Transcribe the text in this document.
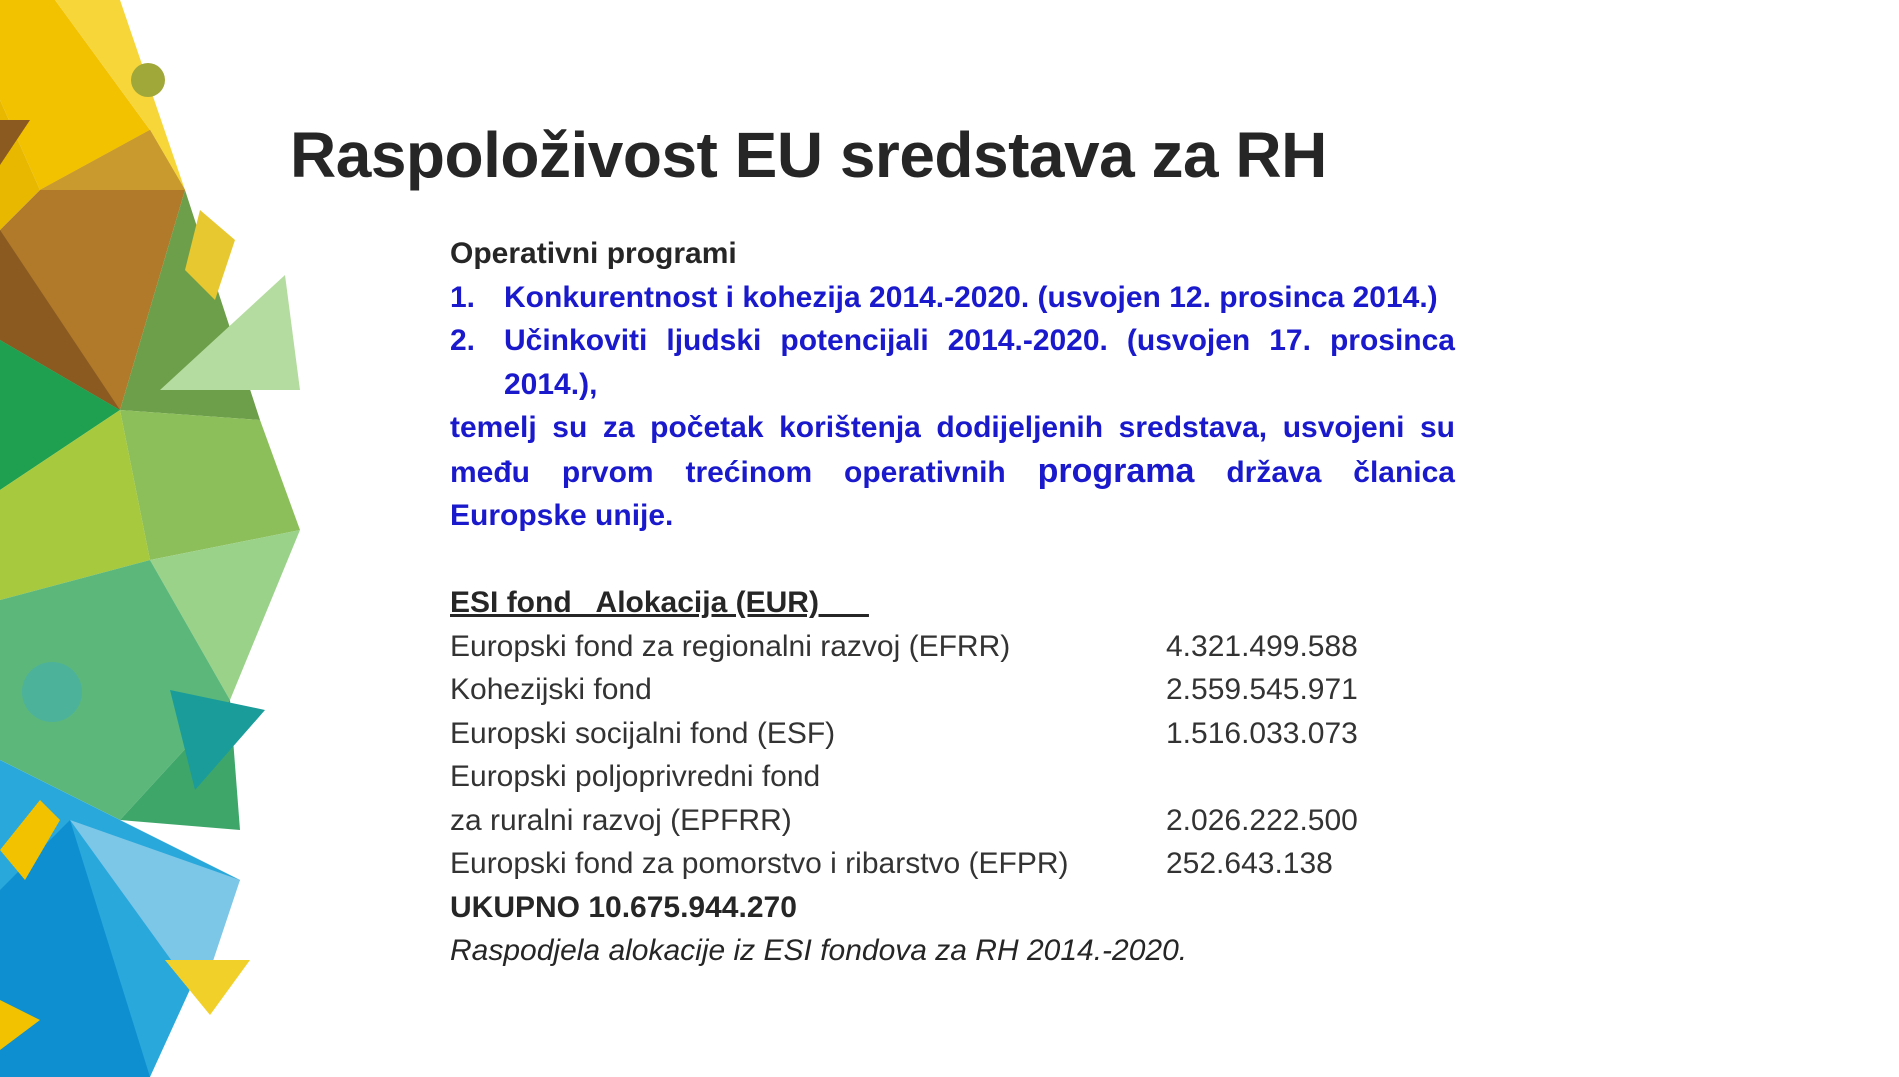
Raspoloživost EU sredstava za RH
Operativni programi
1. Konkurentnost i kohezija 2014.-2020. (usvojen 12. prosinca 2014.)
2. Učinkoviti ljudski potencijali 2014.-2020. (usvojen 17. prosinca 2014.),
temelj su za početak korištenja dodijeljenih sredstava, usvojeni su među prvom trećinom operativnih programa država članica Europske unije.
ESI fond   Alokacija (EUR)
Europski fond za regionalni razvoj (EFRR)	4.321.499.588
Kohezijski fond	2.559.545.971
Europski socijalni fond (ESF)	1.516.033.073
Europski poljoprivredni fond
za ruralni razvoj (EPFRR)	2.026.222.500
Europski fond za pomorstvo i ribarstvo (EFPR)	252.643.138
UKUPNO 10.675.944.270
Raspodjela alokacije iz ESI fondova za RH 2014.-2020.
